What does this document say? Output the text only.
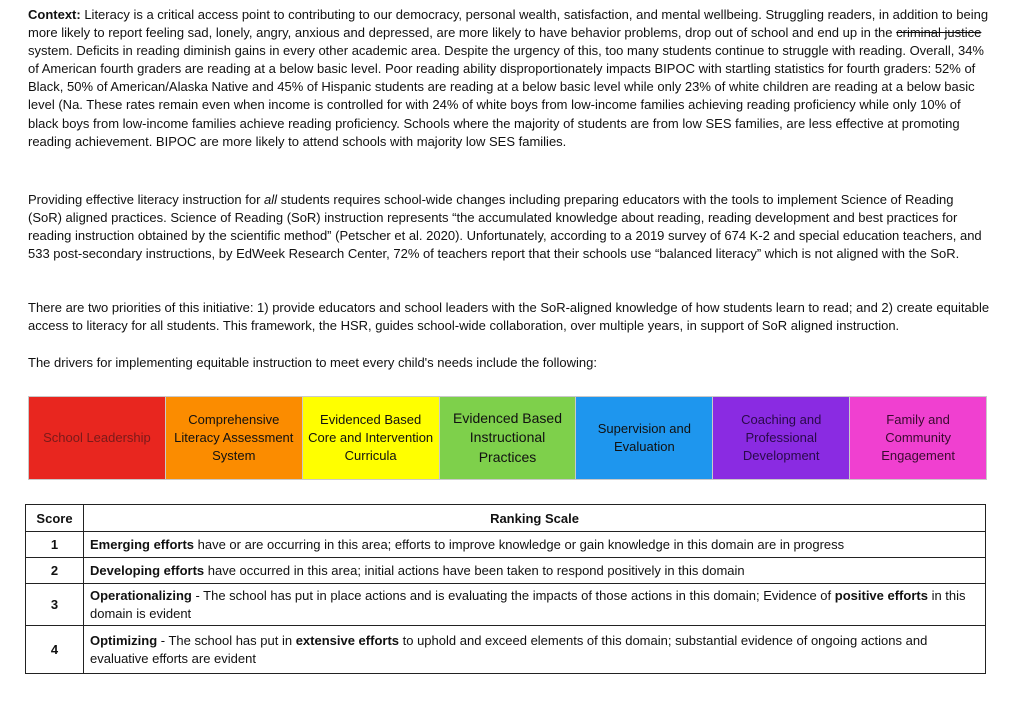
Context: Literacy is a critical access point to contributing to our democracy, personal wealth, satisfaction, and mental wellbeing. Struggling readers, in addition to being more likely to report feeling sad, lonely, angry, anxious and depressed, are more likely to have behavior problems, drop out of school and end up in the criminal justice system. Deficits in reading diminish gains in every other academic area. Despite the urgency of this, too many students continue to struggle with reading. Overall, 34% of American fourth graders are reading at a below basic level. Poor reading ability disproportionately impacts BIPOC with startling statistics for fourth graders: 52% of Black, 50% of American/Alaska Native and 45% of Hispanic students are reading at a below basic level while only 23% of white children are reading at a below basic level (Na. These rates remain even when income is controlled for with 24% of white boys from low-income families achieving reading proficiency while only 10% of black boys from low-income families achieve reading proficiency. Schools where the majority of students are from low SES families, are less effective at promoting reading achievement. BIPOC are more likely to attend schools with majority low SES families.

Providing effective literacy instruction for all students requires school-wide changes including preparing educators with the tools to implement Science of Reading (SoR) aligned practices. Science of Reading (SoR) instruction represents “the accumulated knowledge about reading, reading development and best practices for reading instruction obtained by the scientific method” (Petscher et al. 2020). Unfortunately, according to a 2019 survey of 674 K-2 and special education teachers, and 533 post-secondary instructions, by EdWeek Research Center, 72% of teachers report that their schools use “balanced literacy” which is not aligned with the SoR.

There are two priorities of this initiative: 1) provide educators and school leaders with the SoR-aligned knowledge of how students learn to read; and 2) create equitable access to literacy for all students. This framework, the HSR, guides school-wide collaboration, over multiple years, in support of SoR aligned instruction.

The drivers for implementing equitable instruction to meet every child's needs include the following:

School Leadership
Comprehensive Literacy Assessment System
Evidenced Based Core and Intervention Curricula
Evidenced Based Instructional Practices
Supervision and Evaluation
Coaching and Professional Development
Family and Community Engagement
Score	Ranking Scale
1	Emerging efforts have or are occurring in this area; efforts to improve knowledge or gain knowledge in this domain are in progress
2	Developing efforts have occurred in this area; initial actions have been taken to respond positively in this domain
3	Operationalizing - The school has put in place actions and is evaluating the impacts of those actions in this domain; Evidence of positive efforts in this domain is evident
4	Optimizing - The school has put in extensive efforts to uphold and exceed elements of this domain; substantial evidence of ongoing actions and evaluative efforts are evident
